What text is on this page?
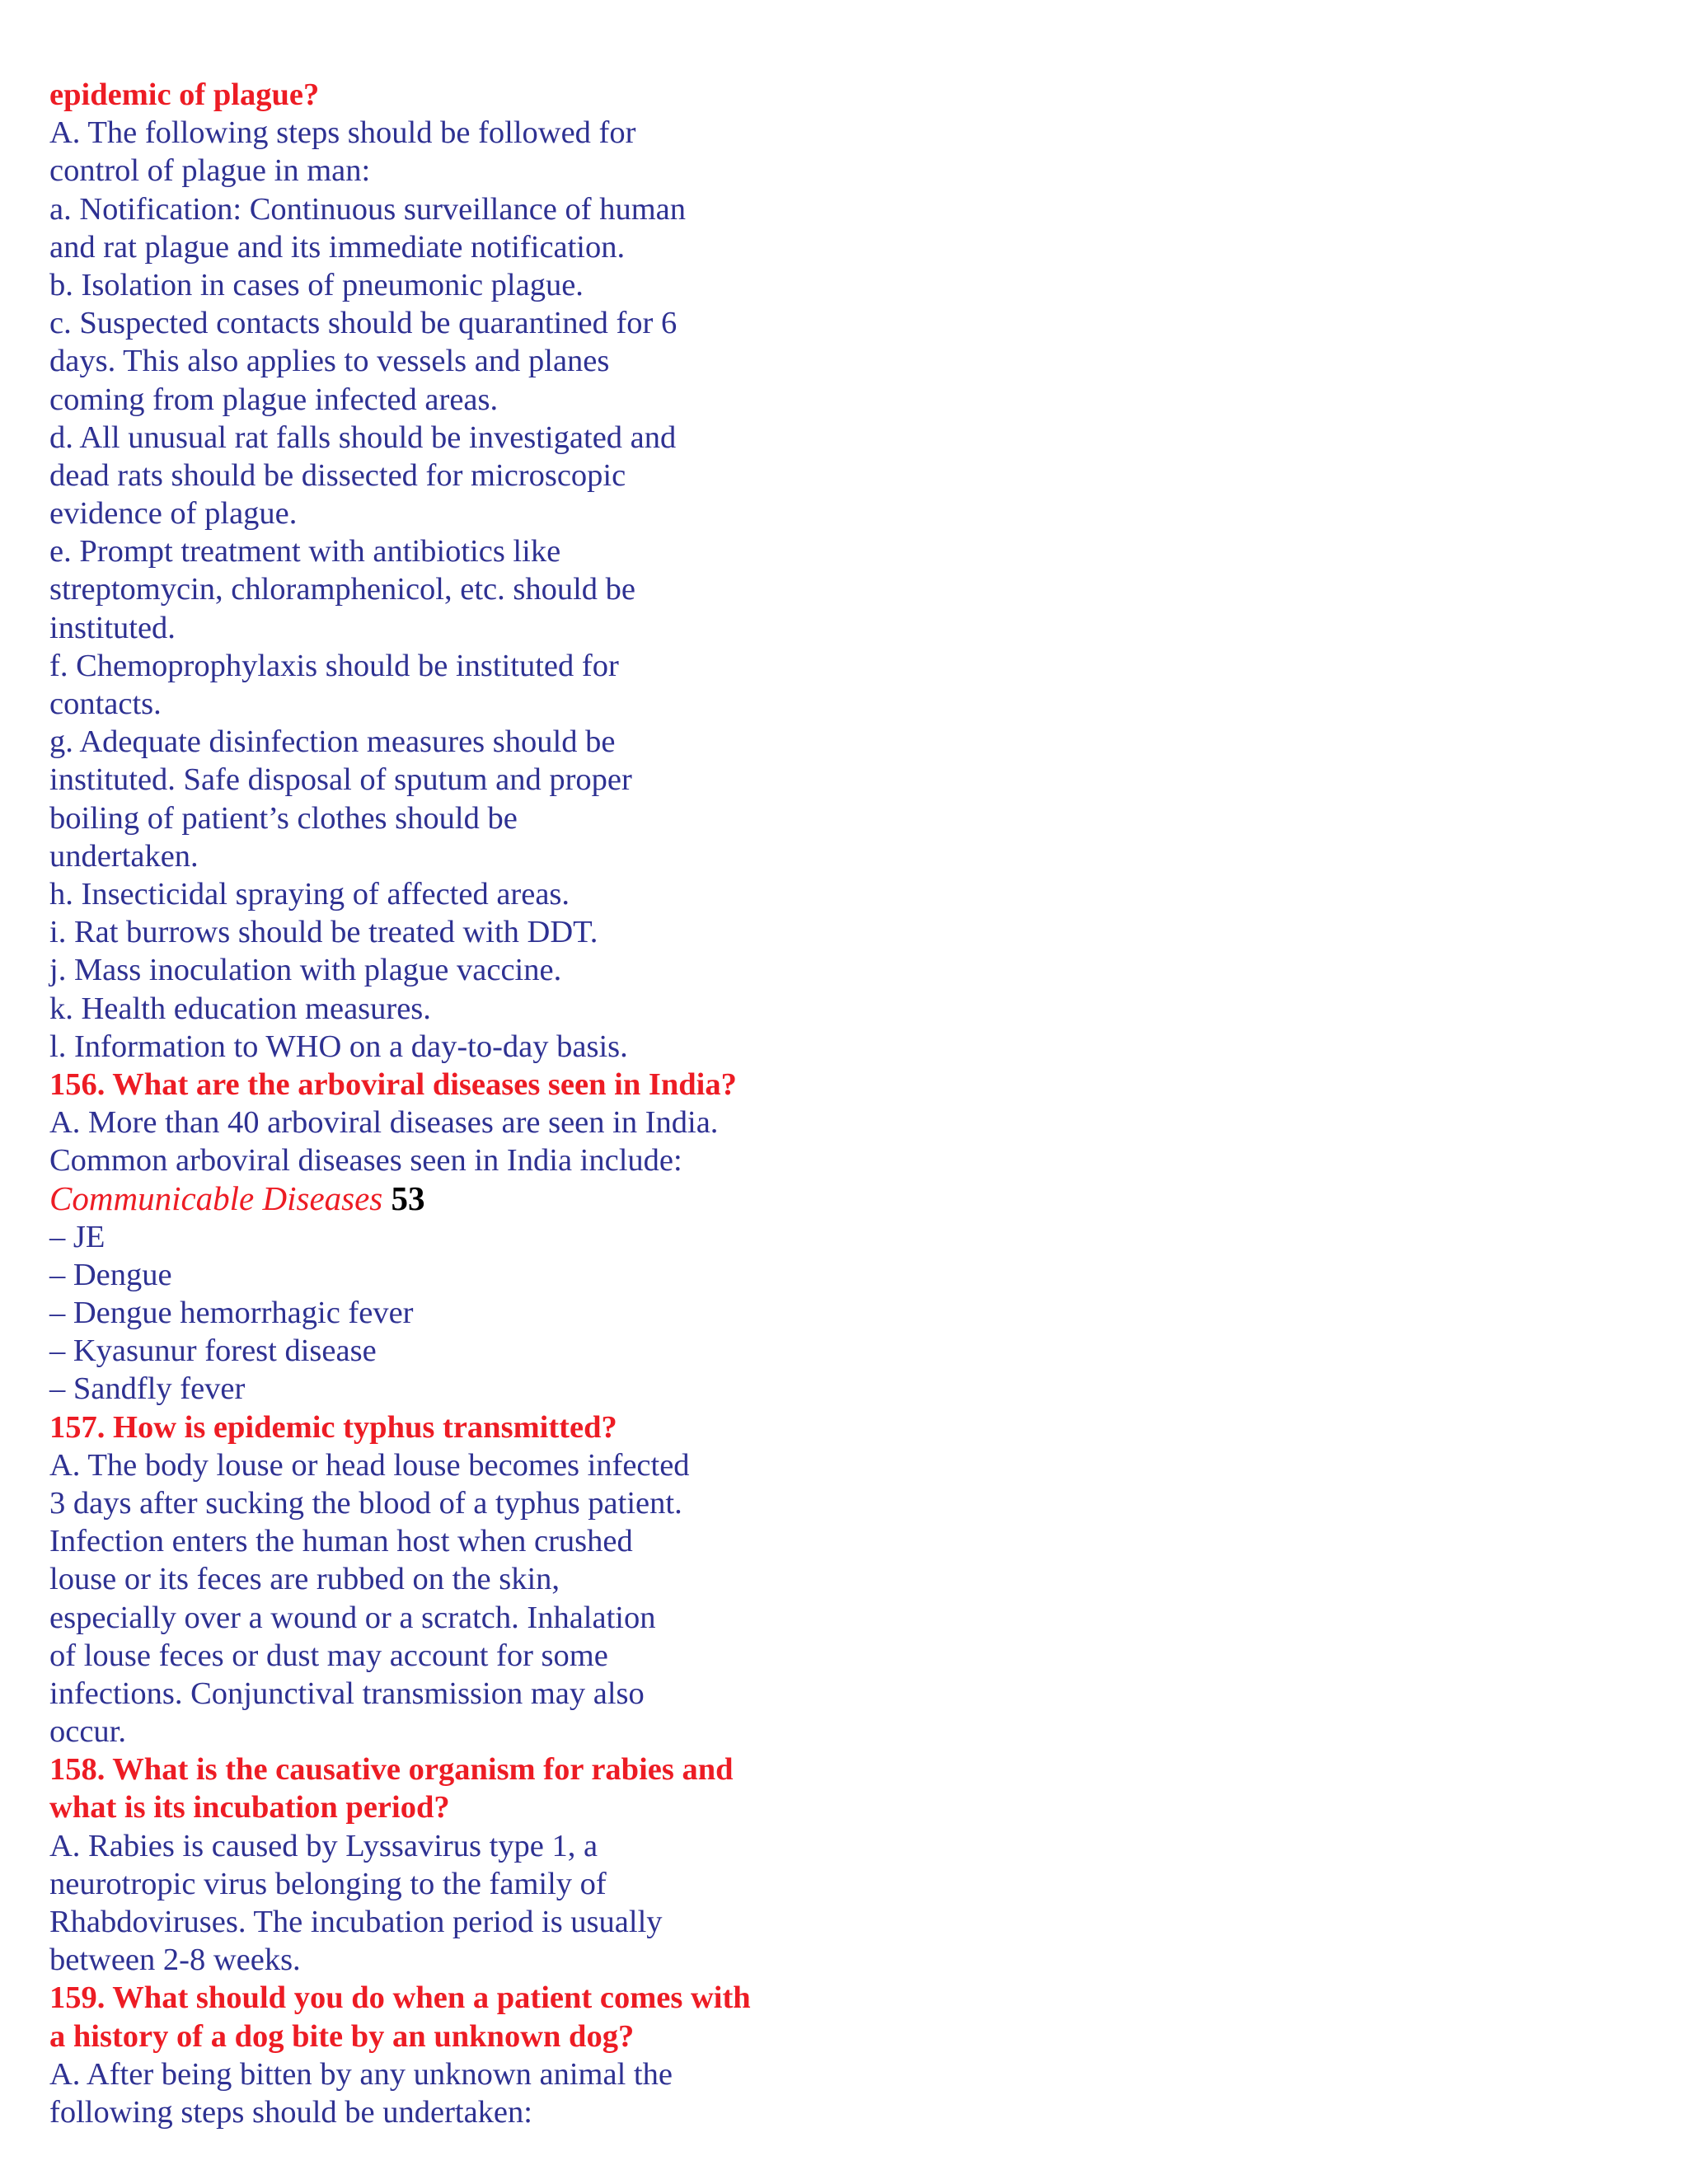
epidemic of plague?
A. The following steps should be followed for
control of plague in man:
a. Notification: Continuous surveillance of human
and rat plague and its immediate notification.
b. Isolation in cases of pneumonic plague.
c. Suspected contacts should be quarantined for 6
days. This also applies to vessels and planes
coming from plague infected areas.
d. All unusual rat falls should be investigated and
dead rats should be dissected for microscopic
evidence of plague.
e. Prompt treatment with antibiotics like
streptomycin, chloramphenicol, etc. should be
instituted.
f. Chemoprophylaxis should be instituted for
contacts.
g. Adequate disinfection measures should be
instituted. Safe disposal of sputum and proper
boiling of patient’s clothes should be
undertaken.
h. Insecticidal spraying of affected areas.
i. Rat burrows should be treated with DDT.
j. Mass inoculation with plague vaccine.
k. Health education measures.
l. Information to WHO on a day-to-day basis.
156. What are the arboviral diseases seen in India?
A. More than 40 arboviral diseases are seen in India.
Common arboviral diseases seen in India include:
Communicable Diseases 53
– JE
– Dengue
– Dengue hemorrhagic fever
– Kyasunur forest disease
– Sandfly fever
157. How is epidemic typhus transmitted?
A. The body louse or head louse becomes infected
3 days after sucking the blood of a typhus patient.
Infection enters the human host when crushed
louse or its feces are rubbed on the skin,
especially over a wound or a scratch. Inhalation
of louse feces or dust may account for some
infections. Conjunctival transmission may also
occur.
158. What is the causative organism for rabies and
what is its incubation period?
A. Rabies is caused by Lyssavirus type 1, a
neurotropic virus belonging to the family of
Rhabdoviruses. The incubation period is usually
between 2-8 weeks.
159. What should you do when a patient comes with
a history of a dog bite by an unknown dog?
A. After being bitten by any unknown animal the
following steps should be undertaken:
